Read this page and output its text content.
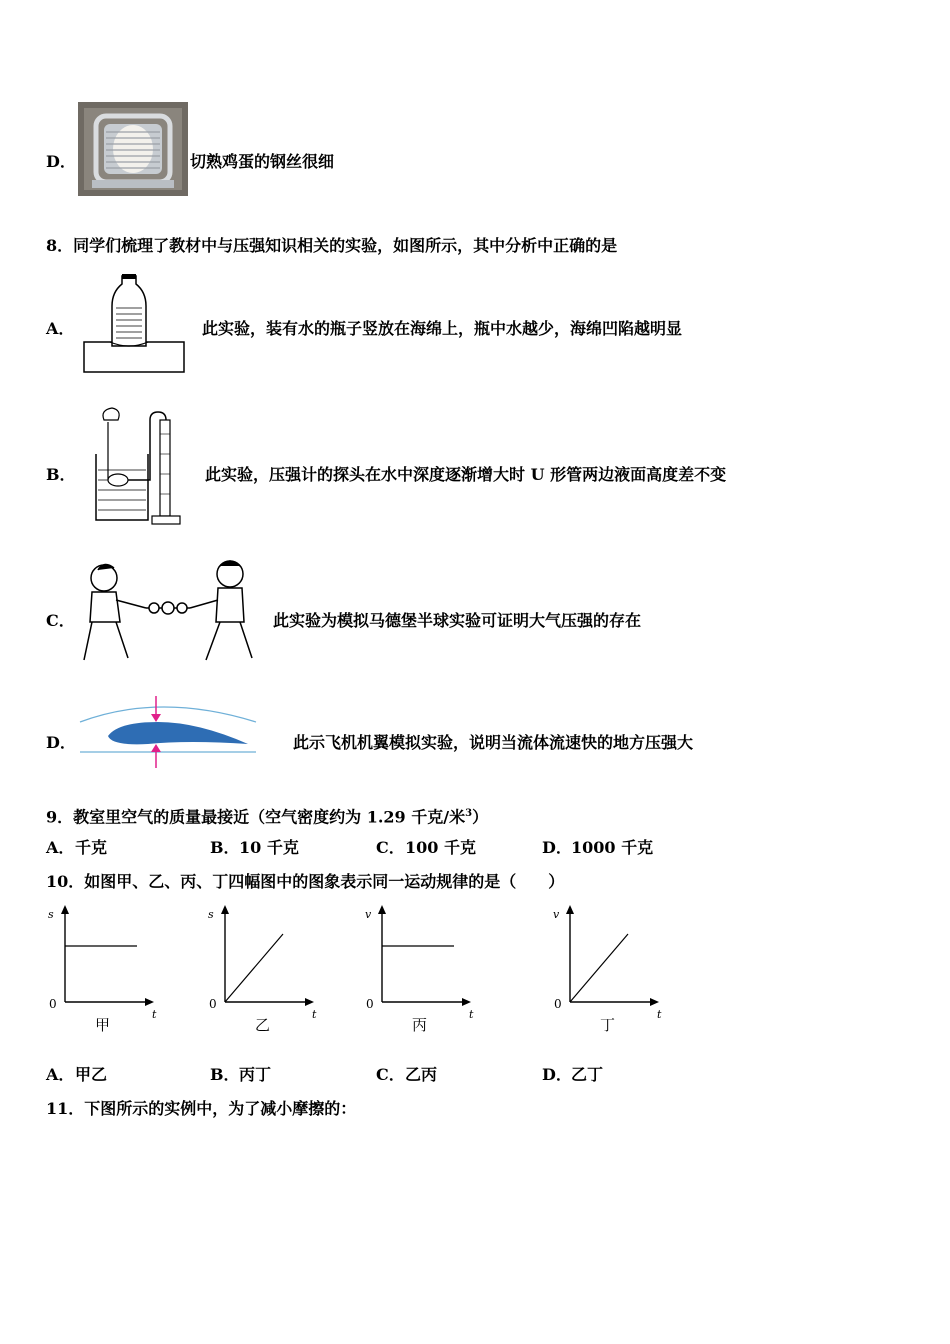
D．	切熟鸡蛋的钢丝很细
8．同学们梳理了教材中与压强知识相关的实验，如图所示，其中分析中正确的是
A．	此实验，装有水的瓶子竖放在海绵上，瓶中水越少，海绵凹陷越明显
B．	此实验，压强计的探头在水中深度逐渐增大时 U 形管两边液面高度差不变
C．	此实验为模拟马德堡半球实验可证明大气压强的存在
D．	此示飞机机翼模拟实验，说明当流体流速快的地方压强大
9．教室里空气的质量最接近（空气密度约为 1.29 千克/米$^3$）
A． 千克	B． 10 千克	C． 100 千克	D． 1000 千克
10．如图甲、乙、丙、丁四幅图中的图象表示同一运动规律的是（　　）
s
t
0
甲
s
t
0
乙
v
t
0
丙
v
t
0
丁
A． 甲乙	B． 丙丁	C． 乙丙	D． 乙丁
11．下图所示的实例中，为了减小摩擦的：
